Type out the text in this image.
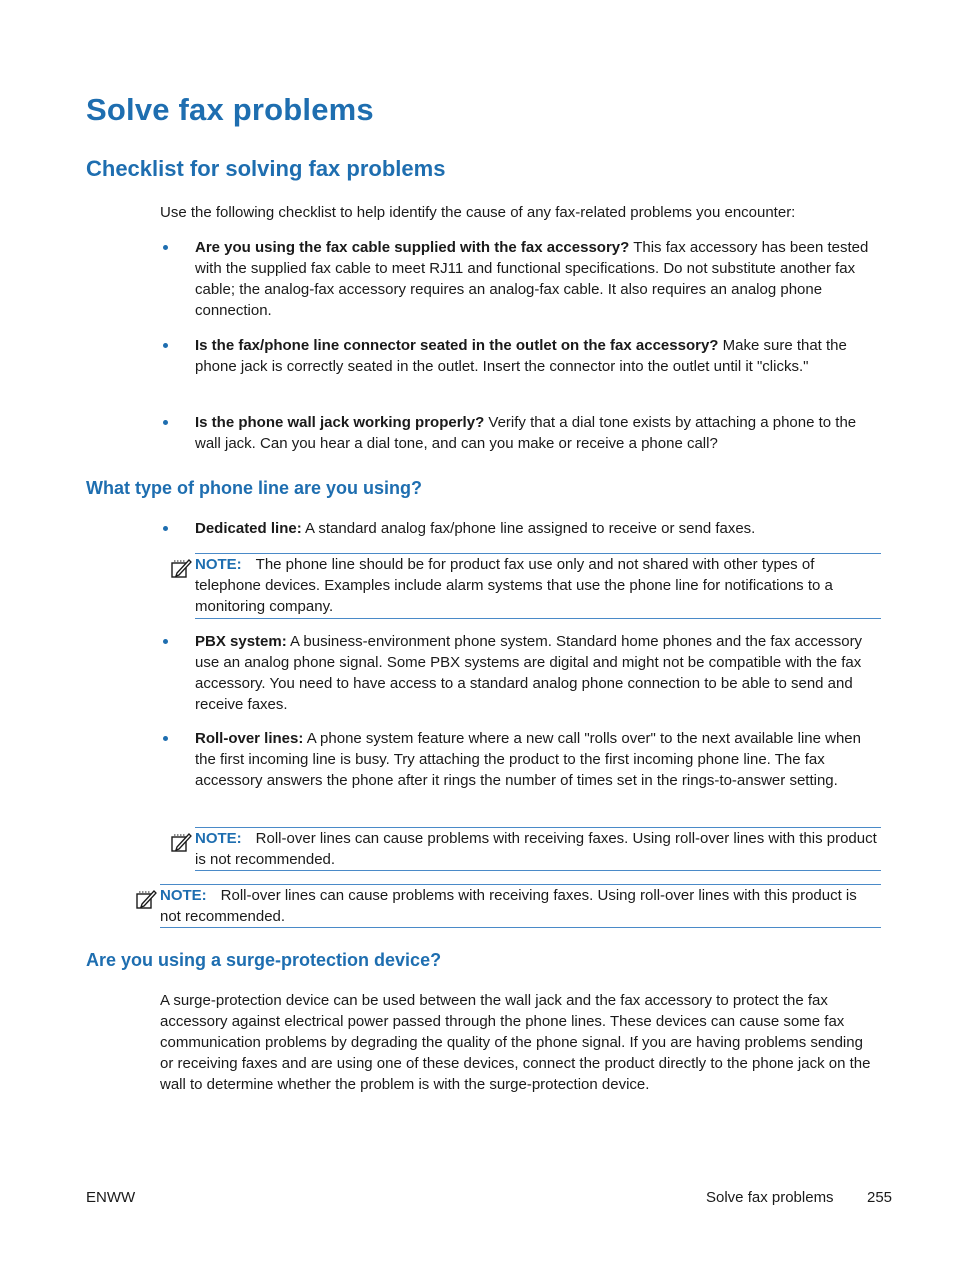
Solve fax problems
Checklist for solving fax problems
Use the following checklist to help identify the cause of any fax-related problems you encounter:
Are you using the fax cable supplied with the fax accessory? This fax accessory has been tested with the supplied fax cable to meet RJ11 and functional specifications. Do not substitute another fax cable; the analog-fax accessory requires an analog-fax cable. It also requires an analog phone connection.
Is the fax/phone line connector seated in the outlet on the fax accessory? Make sure that the phone jack is correctly seated in the outlet. Insert the connector into the outlet until it "clicks."
Is the phone wall jack working properly? Verify that a dial tone exists by attaching a phone to the wall jack. Can you hear a dial tone, and can you make or receive a phone call?
What type of phone line are you using?
Dedicated line: A standard analog fax/phone line assigned to receive or send faxes.
NOTE: The phone line should be for product fax use only and not shared with other types of telephone devices. Examples include alarm systems that use the phone line for notifications to a monitoring company.
PBX system: A business-environment phone system. Standard home phones and the fax accessory use an analog phone signal. Some PBX systems are digital and might not be compatible with the fax accessory. You need to have access to a standard analog phone connection to be able to send and receive faxes.
Roll-over lines: A phone system feature where a new call "rolls over" to the next available line when the first incoming line is busy. Try attaching the product to the first incoming phone line. The fax accessory answers the phone after it rings the number of times set in the rings-to-answer setting.
NOTE: Roll-over lines can cause problems with receiving faxes. Using roll-over lines with this product is not recommended.
NOTE: Roll-over lines can cause problems with receiving faxes. Using roll-over lines with this product is not recommended.
Are you using a surge-protection device?
A surge-protection device can be used between the wall jack and the fax accessory to protect the fax accessory against electrical power passed through the phone lines. These devices can cause some fax communication problems by degrading the quality of the phone signal. If you are having problems sending or receiving faxes and are using one of these devices, connect the product directly to the phone jack on the wall to determine whether the problem is with the surge-protection device.
ENWW	Solve fax problems 255
